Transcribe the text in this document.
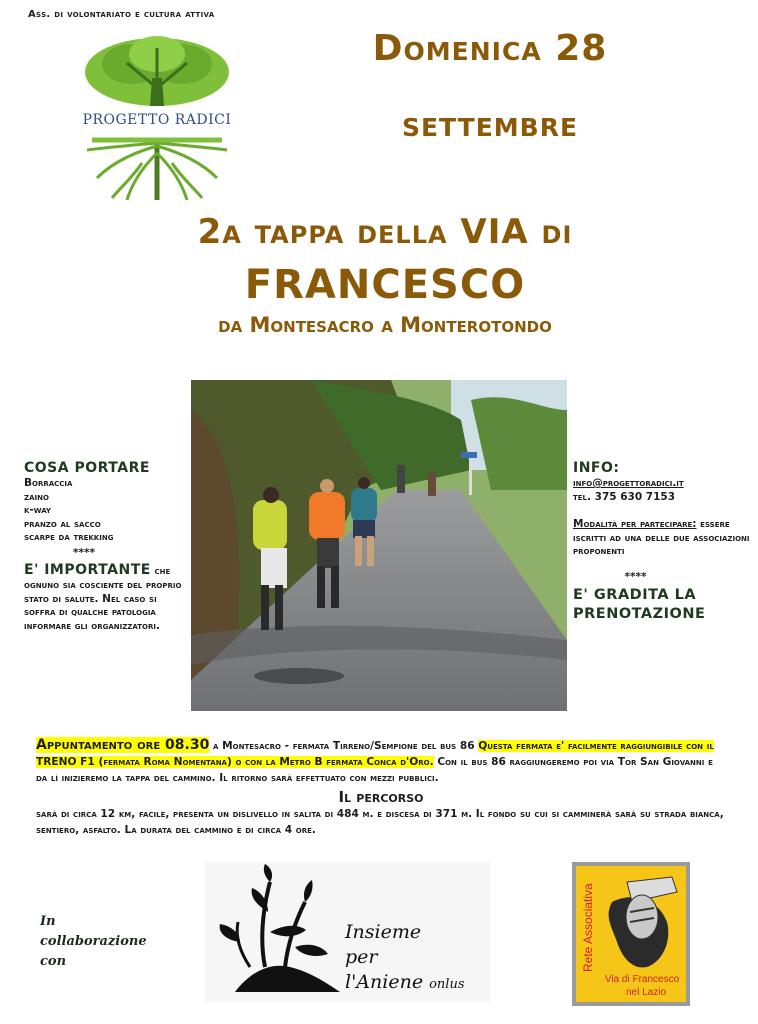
Ass. di volontariato e cultura attiva
PROGETTO RADICI
Domenica 28
settembre
2a tappa della VIA di
FRANCESCO
da Montesacro a Monterotondo
COSA PORTARE
Borraccia
zaino
k-way
pranzo al sacco
scarpe da trekking
****
E' IMPORTANTE che ognuno sia cosciente del proprio stato di salute. Nel caso si soffra di qualche patologia informare gli organizzatori.
INFO:
info@progettoradici.it
tel. 375 630 7153
Modalità per partecipare: essere iscritti ad una delle due associazioni proponenti
****
E' GRADITA LA PRENOTAZIONE
Appuntamento ore 08.30 a Montesacro - fermata Tirreno/Sempione del bus 86 Questa fermata e' facilmente raggiungibile con il TRENO F1 (fermata Roma Nomentana) o con la Metro B fermata Conca d'Oro. Con il bus 86 raggiungeremo poi via Tor San Giovanni e da lì inizieremo la tappa del cammino. Il ritorno sarà effettuato con mezzi pubblici.
Il percorso
sarà di circa 12 km, facile, presenta un dislivello in salita di 484 m. e discesa di 371 m. Il fondo su cui si camminerà sarà su strada bianca, sentiero, asfalto. La durata del cammino è di circa 4 ore.
In collaborazione con
Insieme
per
l'Aniene onlus
Rete Associativa
Via di Francesco
nel Lazio
